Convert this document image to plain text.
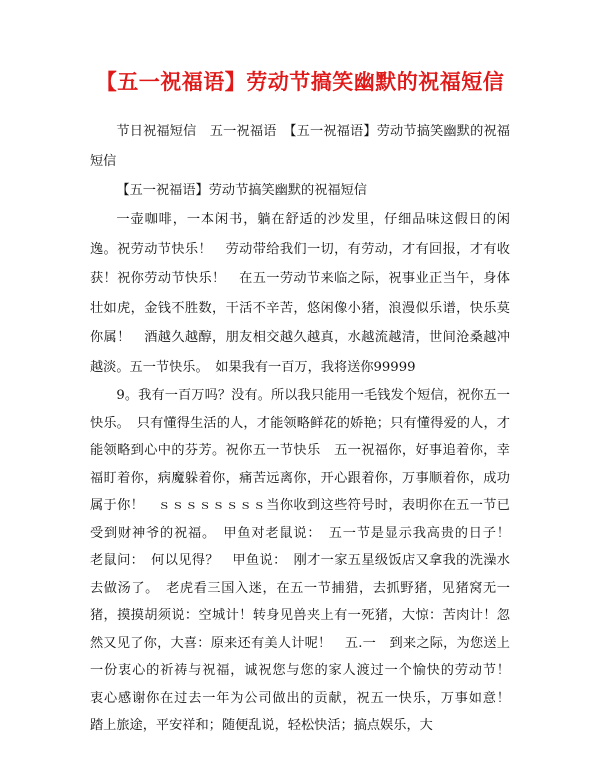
【五一祝福语】劳动节搞笑幽默的祝福短信

节日祝福短信　五一祝福语　【五一祝福语】劳动节搞笑幽默的祝福短信

【五一祝福语】劳动节搞笑幽默的祝福短信

一壶咖啡，一本闲书，躺在舒适的沙发里，仔细品味这假日的闲逸。祝劳动节快乐！　劳动带给我们一切，有劳动，才有回报，才有收获！祝你劳动节快乐！　在五一劳动节来临之际，祝事业正当午，身体壮如虎，金钱不胜数，干活不辛苦，悠闲像小猪，浪漫似乐谱，快乐莫你属！　酒越久越醇，朋友相交越久越真，水越流越清，世间沧桑越冲越淡。五一节快乐。　如果我有一百万，我将送你99999

9。我有一百万吗？没有。所以我只能用一毛钱发个短信，祝你五一快乐。　只有懂得生活的人，才能领略鲜花的娇艳；只有懂得爱的人，才能领略到心中的芬芳。祝你五一节快乐　五一祝福你，好事追着你，幸福盯着你，病魔躲着你，痛苦远离你，开心跟着你，万事顺着你，成功属于你！　ｓｓｓｓｓｓｓｓ当你收到这些符号时，表明你在五一节已受到财神爷的祝福。　甲鱼对老鼠说：　五一节是显示我高贵的日子！　老鼠问：　何以见得？　甲鱼说：　刚才一家五星级饭店又拿我的洗澡水去做汤了。　老虎看三国入迷，在五一节捕猎，去抓野猪，见猪窝无一猪，摸摸胡须说：空城计！转身见兽夹上有一死猪，大惊：苦肉计！忽然又见了你，大喜：原来还有美人计呢！　五.一　到来之际，为您送上一份衷心的祈祷与祝福，诚祝您与您的家人渡过一个愉快的劳动节！　衷心感谢你在过去一年为公司做出的贡献，祝五一快乐，万事如意！　踏上旅途，平安祥和；随便乱说，轻松快活；搞点娱乐，大
